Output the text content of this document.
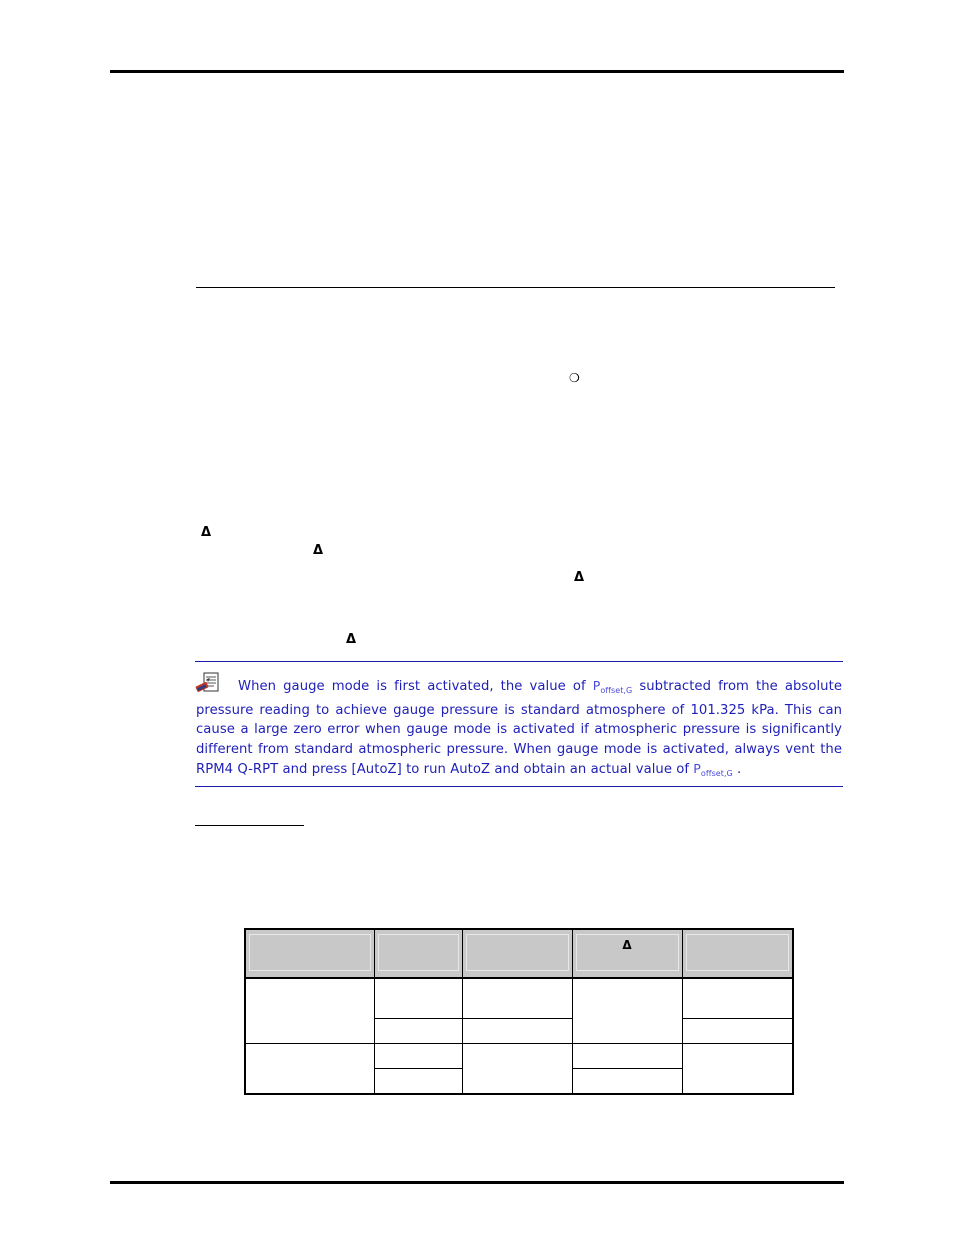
❍
Δ
Δ
Δ
Δ
When gauge mode is first activated, the value of $P_{offset,G}$ subtracted from the absolute pressure reading to achieve gauge pressure is standard atmosphere of 101.325 kPa. This can cause a large zero error when gauge mode is activated if atmospheric pressure is significantly different from standard atmospheric pressure. When gauge mode is activated, always vent the RPM4 Q-RPT and press [AutoZ] to run AutoZ and obtain an actual value of $P_{offset,G}$ .

			Δ	
